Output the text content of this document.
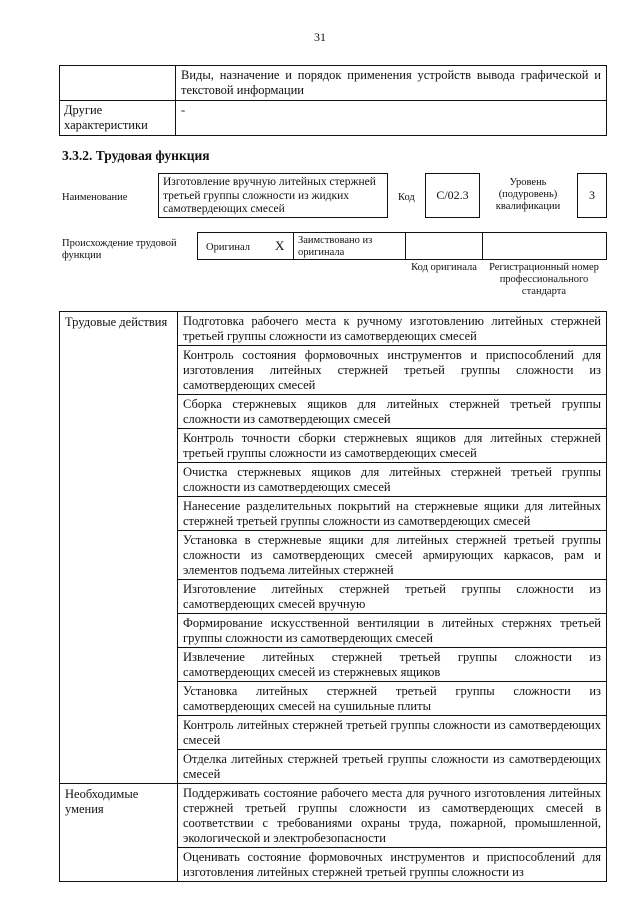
31
	Виды, назначение и порядок применения устройств вывода графической и текстовой информации
Другие характеристики	-
3.3.2. Трудовая функция
Наименование
Изготовление вручную литейных стержней третьей группы сложности из жидких самотвердеющих смесей
Код	С/02.3
Уровень (подуровень) квалификации
3
Происхождение трудовой функции
Оригинал X Заимствовано из оригинала
Код оригинала	Регистрационный номер профессионального стандарта
Трудовые действия	Подготовка рабочего места к ручному изготовлению литейных стержней третьей группы сложности из самотвердеющих смесей
	Контроль состояния формовочных инструментов и приспособлений для изготовления литейных стержней третьей группы сложности из самотвердеющих смесей
	Сборка стержневых ящиков для литейных стержней третьей группы сложности из самотвердеющих смесей
	Контроль точности сборки стержневых ящиков для литейных стержней третьей группы сложности из самотвердеющих смесей
	Очистка стержневых ящиков для литейных стержней третьей группы сложности из самотвердеющих смесей
	Нанесение разделительных покрытий на стержневые ящики для литейных стержней третьей группы сложности из самотвердеющих смесей
	Установка в стержневые ящики для литейных стержней третьей группы сложности из самотвердеющих смесей армирующих каркасов, рам и элементов подъема литейных стержней
	Изготовление литейных стержней третьей группы сложности из самотвердеющих смесей вручную
	Формирование искусственной вентиляции в литейных стержнях третьей группы сложности из самотвердеющих смесей
	Извлечение литейных стержней третьей группы сложности из самотвердеющих смесей из стержневых ящиков
	Установка литейных стержней третьей группы сложности из самотвердеющих смесей на сушильные плиты
	Контроль литейных стержней третьей группы сложности из самотвердеющих смесей
	Отделка литейных стержней третьей группы сложности из самотвердеющих смесей
Необходимые умения	Поддерживать состояние рабочего места для ручного изготовления литейных стержней третьей группы сложности из самотвердеющих смесей в соответствии с требованиями охраны труда, пожарной, промышленной, экологической и электробезопасности
	Оценивать состояние формовочных инструментов и приспособлений для изготовления литейных стержней третьей группы сложности из
